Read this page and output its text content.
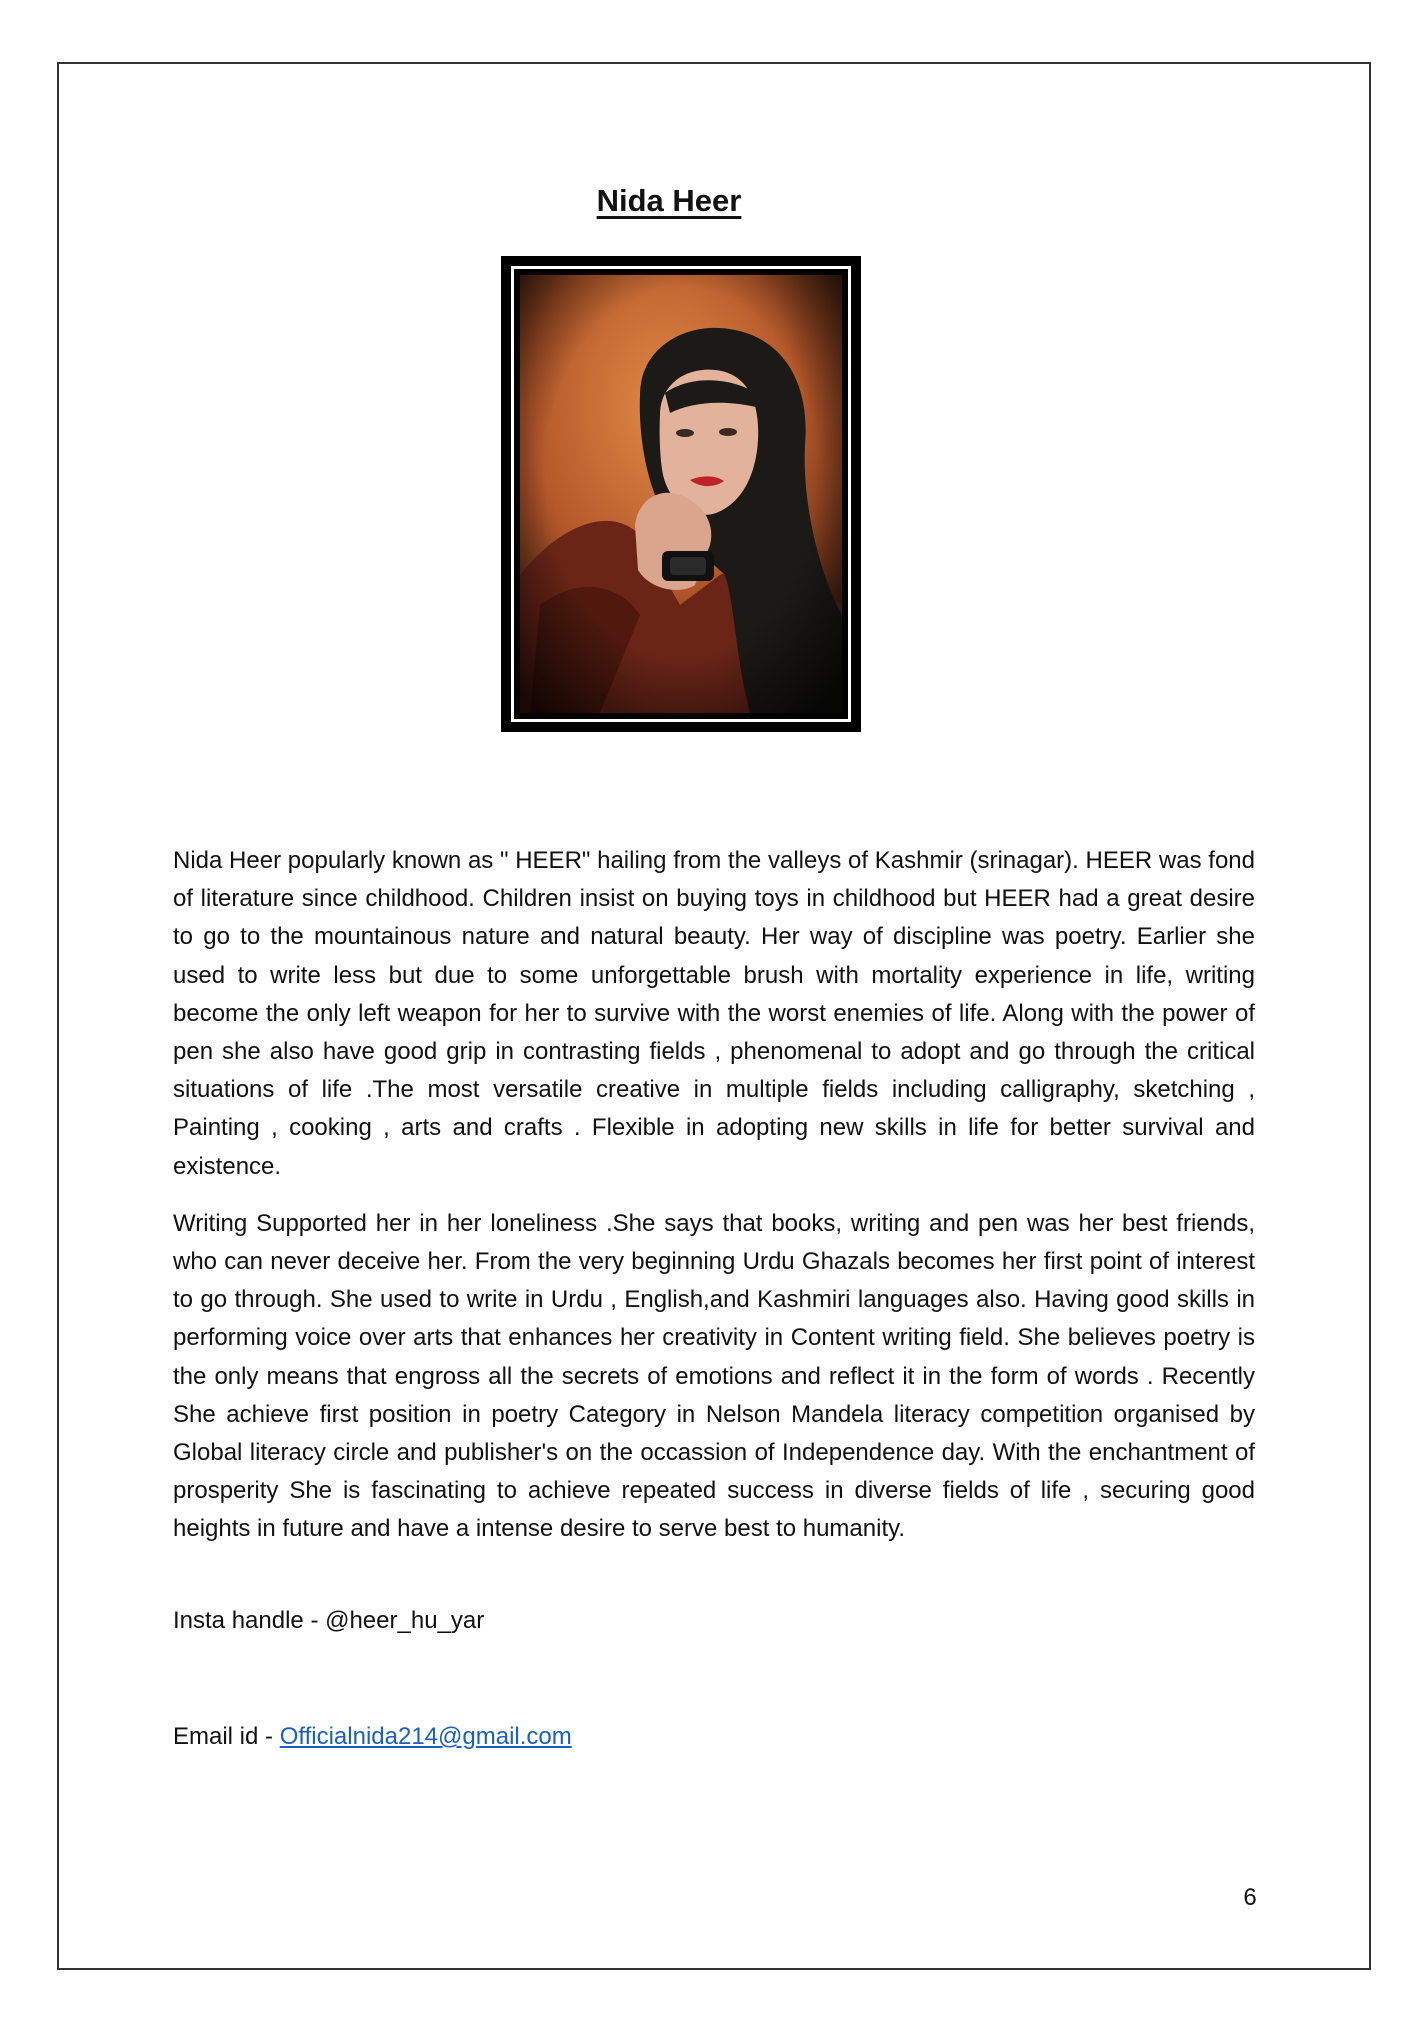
Nida Heer

Nida Heer popularly known as " HEER" hailing from the valleys of Kashmir (srinagar). HEER was fond of literature since childhood. Children insist on buying toys in childhood but HEER had a great desire to go to the mountainous nature and natural beauty. Her way of discipline was poetry. Earlier she used to write less but due to some unforgettable brush with mortality experience in life, writing become the only left weapon for her to survive with the worst enemies of life. Along with the power of pen she also have good grip in contrasting fields , phenomenal to adopt and go through the critical situations of life .The most versatile creative in multiple fields including calligraphy, sketching , Painting , cooking , arts and crafts . Flexible in adopting new skills in life for better survival and existence.

Writing Supported her in her loneliness .She says that books, writing and pen was her best friends, who can never deceive her. From the very beginning Urdu Ghazals becomes her first point of interest to go through. She used to write in Urdu , English,and Kashmiri languages also. Having good skills in performing voice over arts that enhances her creativity in Content writing field. She believes poetry is the only means that engross all the secrets of emotions and reflect it in the form of words . Recently She achieve first position in poetry Category in Nelson Mandela literacy competition organised by Global literacy circle and publisher's on the occassion of Independence day. With the enchantment of prosperity She is fascinating to achieve repeated success in diverse fields of life , securing good heights in future and have a intense desire to serve best to humanity.

Insta handle - @heer_hu_yar

Email id - Officialnida214@gmail.com

6
